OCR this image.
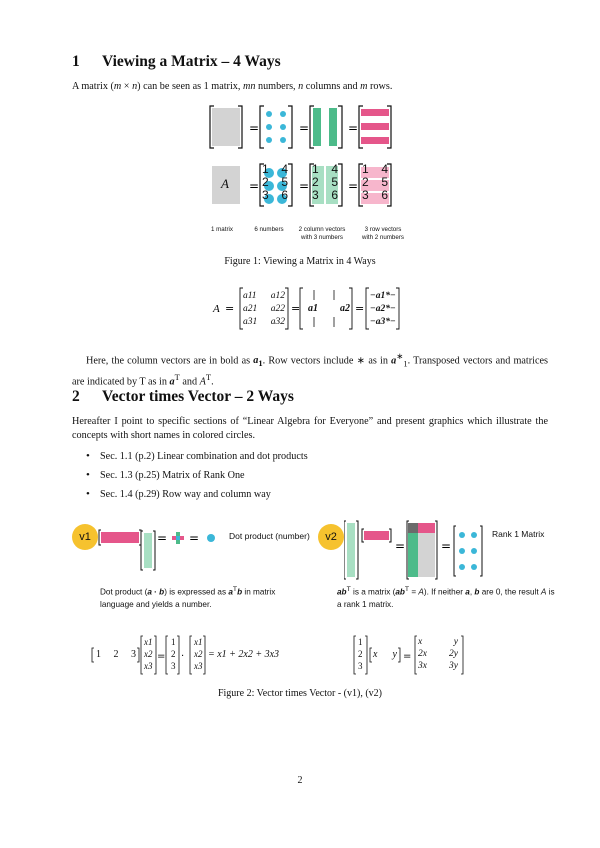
1 Viewing a Matrix – 4 Ways
A matrix (m × n) can be seen as 1 matrix, mn numbers, n columns and m rows.
=	=	=
=	=	=
A
1 4
2 5
3 6
1 4
2 5
3 6
1 4
2 5
3 6
1 matrix	6 numbers	2 column vectors
with 3 numbers
3 row vectors
with 2 numbers
Figure 1: Viewing a Matrix in 4 Ways
A =	=	=
a11 a12
a21 a22
a31 a32
a1 a2
−a1*−
−a2*−
−a3*−
Here, the column vectors are in bold as $a_1$. Row vectors include ∗ as in $a^∗_1$. Transposed vectors and matrices are indicated by T as in $a^T$ and $A^T$.
2 Vector times Vector – 2 Ways
Hereafter I point to specific sections of “Linear Algebra for Everyone” and present graphics which illustrate the concepts with short names in colored circles.
• Sec. 1.1 (p.2) Linear combination and dot products
• Sec. 1.3 (p.25) Matrix of Rank One
• Sec. 1.4 (p.29) Row way and column way
v1	= =	Dot product (number)
Dot product (a · b) is expressed as $a^Tb$ in matrix language and yields a number.
v2
=	=
Rank 1 Matrix
$ab^T$ is a matrix $(ab^T = A)$. If neither a, b are 0, the result A is a rank 1 matrix.
·
=
1 2 3
x1
x2
x3
1
2
3
x1
x2
x3
= x1 + 2x2 + 3x3	=
1
2
3
x y
x	y
2x 2y
3x 3y
Figure 2: Vector times Vector - (v1), (v2)
2
